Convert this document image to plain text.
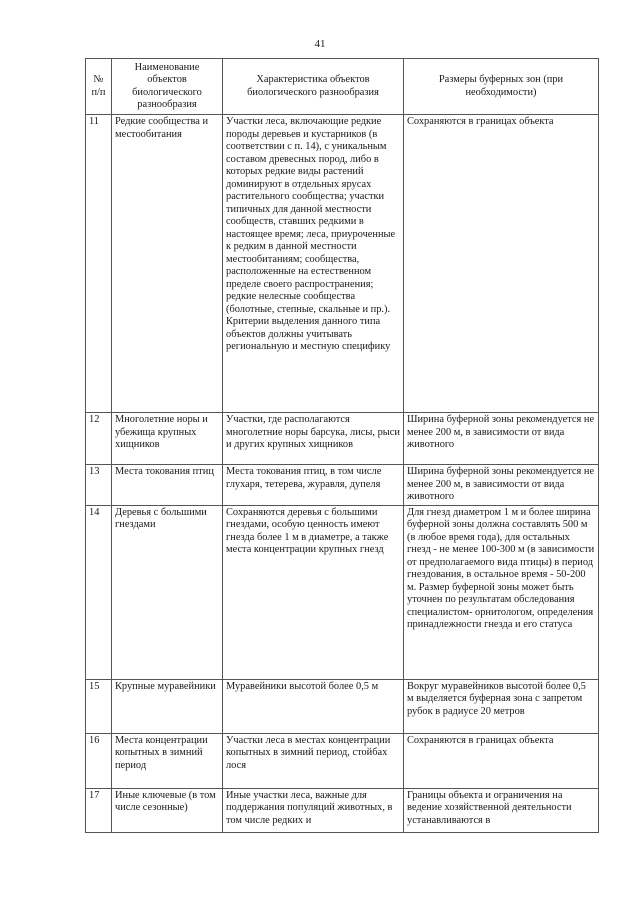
41
№ п/п	Наименование объектов биологического разнообразия	Характеристика объектов биологического разнообразия	Размеры буферных зон (при необходимости)
11	Редкие сообщества и местообитания	Участки леса, включающие редкие породы деревьев и кустарников (в соответствии с п. 14), с уникальным составом древесных пород, либо в которых редкие виды растений доминируют в отдельных ярусах растительного сообщества; участки типичных для данной местности сообществ, ставших редкими в настоящее время; леса, приуроченные к редким в данной местности местообитаниям; сообщества, расположенные на естественном пределе своего распространения; редкие нелесные сообщества (болотные, степные, скальные и пр.). Критерии выделения данного типа объектов должны учитывать региональную и местную специфику	Сохраняются в границах объекта
12	Многолетние норы и убежища крупных хищников	Участки, где располагаются многолетние норы барсука, лисы, рыси и других крупных хищников	Ширина буферной зоны рекомендуется не менее 200 м, в зависимости от вида животного
13	Места токования птиц	Места токования птиц, в том числе глухаря, тетерева, журавля, дупеля	Ширина буферной зоны рекомендуется не менее 200 м, в зависимости от вида животного
14	Деревья с большими гнездами	Сохраняются деревья с большими гнездами, особую ценность имеют гнезда более 1 м в диаметре, а также места концентрации крупных гнезд	Для гнезд диаметром 1 м и более ширина буферной зоны должна составлять 500 м (в любое время года), для остальных гнезд - не менее 100-300 м (в зависимости от предполагаемого вида птицы) в период гнездования, в остальное время - 50-200 м. Размер буферной зоны может быть уточнен по результатам обследования специалистом- орнитологом, определения принадлежности гнезда и его статуса
15	Крупные муравейники	Муравейники высотой более 0,5 м	Вокруг муравейников высотой более 0,5 м выделяется буферная зона с запретом рубок в радиусе 20 метров
16	Места концентрации копытных в зимний период	Участки леса в местах концентрации копытных в зимний период, стойбах лося	Сохраняются в границах объекта
17	Иные ключевые (в том числе сезонные)	Иные участки леса, важные для поддержания популяций животных, в том числе редких и	Границы объекта и ограничения на ведение хозяйственной деятельности устанавливаются в
